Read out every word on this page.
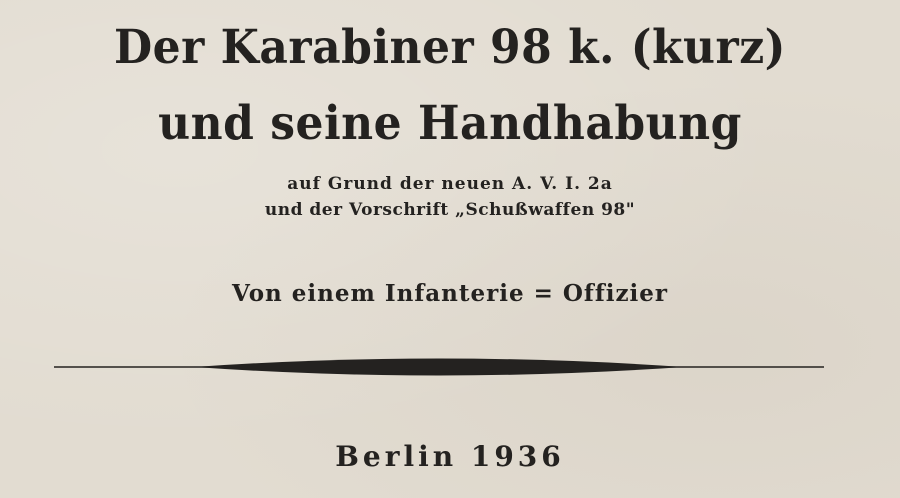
Der Karabiner 98 k. (kurz)
und seine Handhabung
auf Grund der neuen A. V. I. 2a
und der Vorschrift „Schußwaffen 98"
Von einem Infanterie = Offizier
Berlin 1936
